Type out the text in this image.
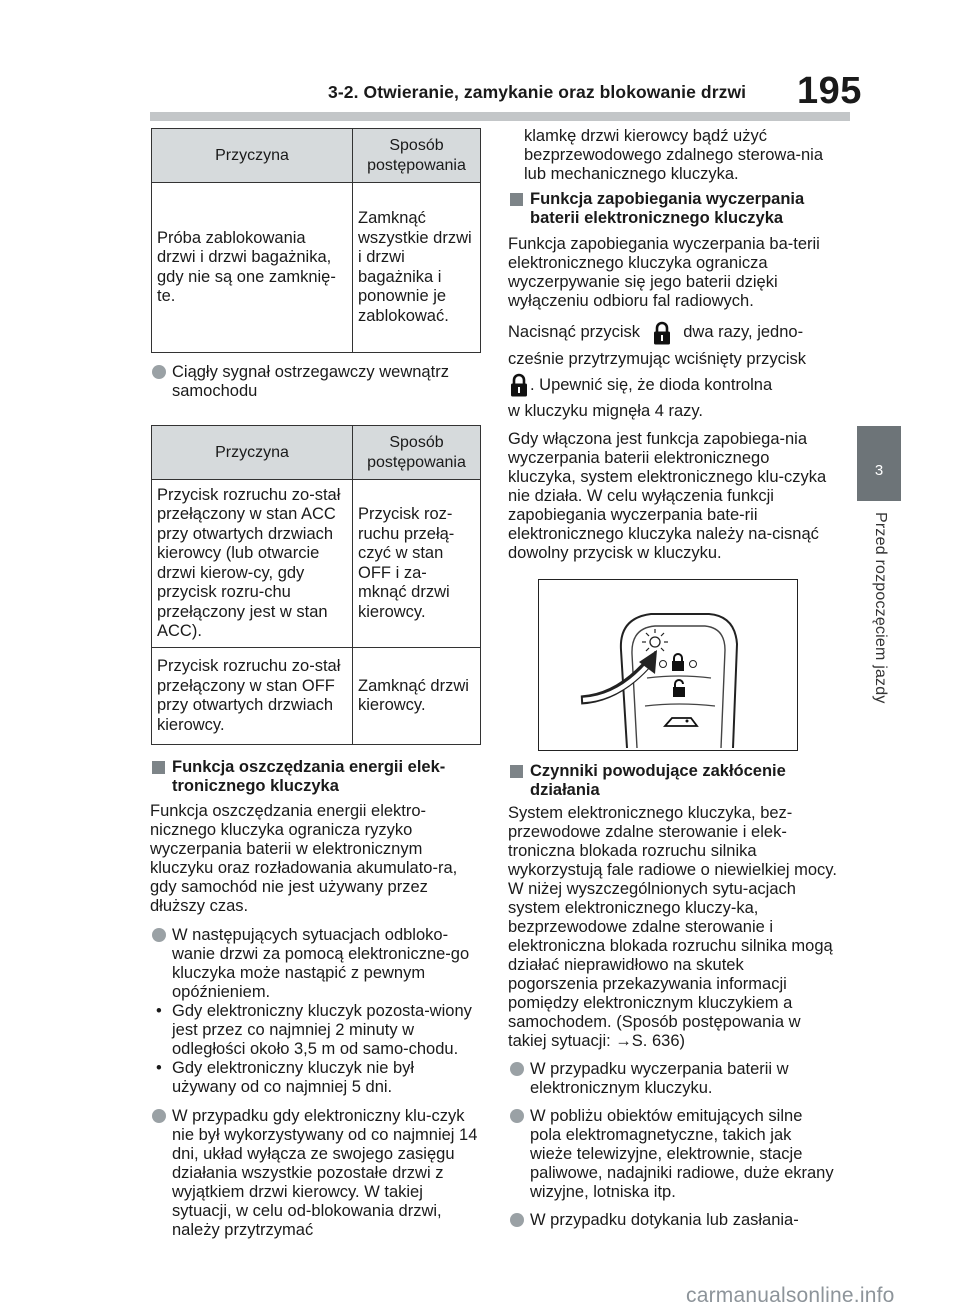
3-2. Otwieranie, zamykanie oraz blokowanie drzwi 195
3
Przed rozpoczęciem jazdy
Przyczyna	Sposób postępowania
Próba zablokowania drzwi i drzwi bagażnika, gdy nie są one zamknię-te.	Zamknąć wszystkie drzwi i drzwi bagażnika i ponownie je zablokować.
Ciągły sygnał ostrzegawczy wewnątrz samochodu
Przyczyna	Sposób postępowania
Przycisk rozruchu zo-stał przełączony w stan ACC przy otwartych drzwiach kierowcy (lub otwarcie drzwi kierow-cy, gdy przycisk rozru-chu przełączony jest w stan ACC).	Przycisk roz-ruchu przełą-czyć w stan OFF i za-mknąć drzwi kierowcy.
Przycisk rozruchu zo-stał przełączony w stan OFF przy otwartych drzwiach kierowcy.	Zamknąć drzwi kierowcy.
Funkcja oszczędzania energii elek-tronicznego kluczyka
Funkcja oszczędzania energii elektro-nicznego kluczyka ogranicza ryzyko wyczerpania baterii w elektronicznym kluczyku oraz rozładowania akumulato-ra, gdy samochód nie jest używany przez dłuższy czas.
W następujących sytuacjach odbloko-wanie drzwi za pomocą elektroniczne-go kluczyka może nastąpić z pewnym opóźnieniem.
• Gdy elektroniczny kluczyk pozosta-wiony jest przez co najmniej 2 minuty w odległości około 3,5 m od samo-chodu.
• Gdy elektroniczny kluczyk nie był używany od co najmniej 5 dni.
W przypadku gdy elektroniczny klu-czyk nie był wykorzystywany od co najmniej 14 dni, układ wyłącza ze swojego zasięgu działania wszystkie pozostałe drzwi z wyjątkiem drzwi kierowcy. W takiej sytuacji, w celu od-blokowania drzwi, należy przytrzymać
klamkę drzwi kierowcy bądź użyć bezprzewodowego zdalnego sterowa-nia lub mechanicznego kluczyka.
Funkcja zapobiegania wyczerpania baterii elektronicznego kluczyka
Funkcja zapobiegania wyczerpania ba-terii elektronicznego kluczyka ogranicza wyczerpywanie się jego baterii dzięki wyłączeniu odbioru fal radiowych.
Nacisnąć przycisk	dwa razy, jedno-
cześnie przytrzymując wciśnięty przycisk
. Upewnić się, że dioda kontrolna
w kluczyku mignęła 4 razy.
Gdy włączona jest funkcja zapobiega-nia wyczerpania baterii elektronicznego kluczyka, system elektronicznego klu-czyka nie działa. W celu wyłączenia funkcji zapobiegania wyczerpania bate-rii elektronicznego kluczyka należy na-cisnąć dowolny przycisk w kluczyku.
Czynniki powodujące zakłócenie działania
System elektronicznego kluczyka, bez-przewodowe zdalne sterowanie i elek-troniczna blokada rozruchu silnika wykorzystują fale radiowe o niewielkiej mocy. W niżej wyszczególnionych sytu-acjach system elektronicznego kluczy-ka, bezprzewodowe zdalne sterowanie i elektroniczna blokada rozruchu silnika mogą działać nieprawidłowo na skutek pogorszenia przekazywania informacji pomiędzy elektronicznym kluczykiem a samochodem. (Sposób postępowania w takiej sytuacji: →S. 636)
W przypadku wyczerpania baterii w elektronicznym kluczyku.
W pobliżu obiektów emitujących silne pola elektromagnetyczne, takich jak wieże telewizyjne, elektrownie, stacje paliwowe, nadajniki radiowe, duże ekrany wizyjne, lotniska itp.
W przypadku dotykania lub zasłania-
carmanualsonline.info
